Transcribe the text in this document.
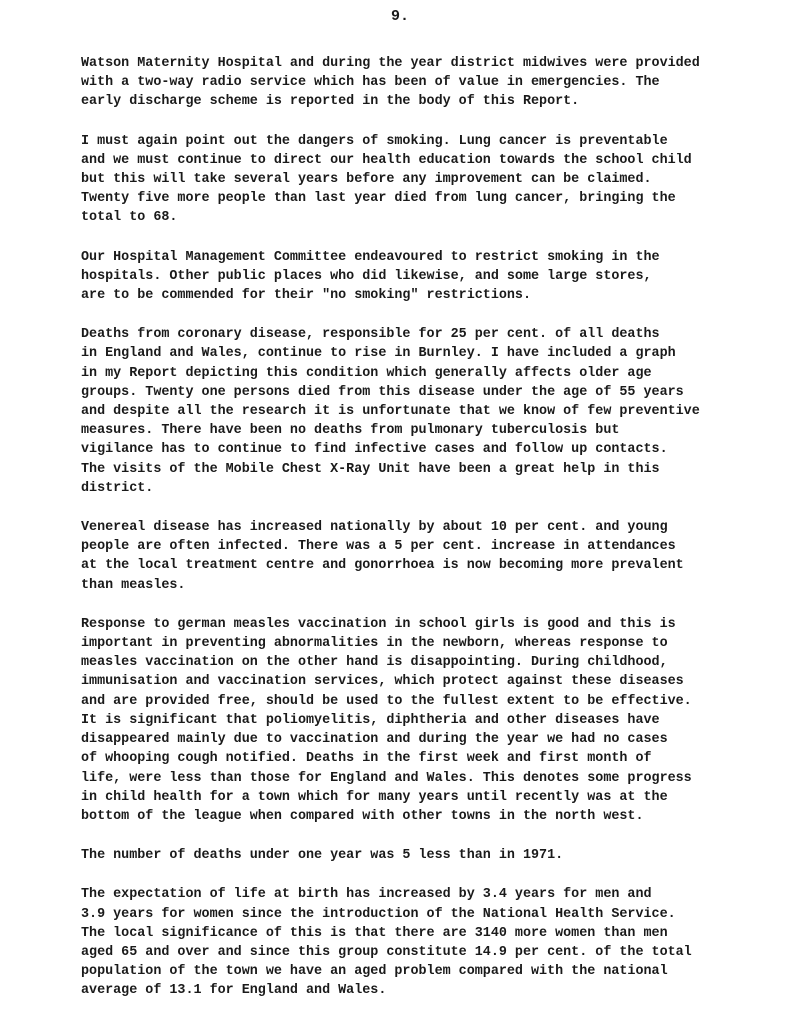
9.

Watson Maternity Hospital and during the year district midwives were provided
with a two-way radio service which has been of value in emergencies. The
early discharge scheme is reported in the body of this Report.

I must again point out the dangers of smoking. Lung cancer is preventable
and we must continue to direct our health education towards the school child
but this will take several years before any improvement can be claimed.
Twenty five more people than last year died from lung cancer, bringing the
total to 68.

Our Hospital Management Committee endeavoured to restrict smoking in the
hospitals. Other public places who did likewise, and some large stores,
are to be commended for their "no smoking" restrictions.

Deaths from coronary disease, responsible for 25 per cent. of all deaths
in England and Wales, continue to rise in Burnley. I have included a graph
in my Report depicting this condition which generally affects older age
groups. Twenty one persons died from this disease under the age of 55 years
and despite all the research it is unfortunate that we know of few preventive
measures. There have been no deaths from pulmonary tuberculosis but
vigilance has to continue to find infective cases and follow up contacts.
The visits of the Mobile Chest X-Ray Unit have been a great help in this
district.

Venereal disease has increased nationally by about 10 per cent. and young
people are often infected. There was a 5 per cent. increase in attendances
at the local treatment centre and gonorrhoea is now becoming more prevalent
than measles.

Response to german measles vaccination in school girls is good and this is
important in preventing abnormalities in the newborn, whereas response to
measles vaccination on the other hand is disappointing. During childhood,
immunisation and vaccination services, which protect against these diseases
and are provided free, should be used to the fullest extent to be effective.
It is significant that poliomyelitis, diphtheria and other diseases have
disappeared mainly due to vaccination and during the year we had no cases
of whooping cough notified. Deaths in the first week and first month of
life, were less than those for England and Wales. This denotes some progress
in child health for a town which for many years until recently was at the
bottom of the league when compared with other towns in the north west.

The number of deaths under one year was 5 less than in 1971.

The expectation of life at birth has increased by 3.4 years for men and
3.9 years for women since the introduction of the National Health Service.
The local significance of this is that there are 3140 more women than men
aged 65 and over and since this group constitute 14.9 per cent. of the total
population of the town we have an aged problem compared with the national
average of 13.1 for England and Wales.
